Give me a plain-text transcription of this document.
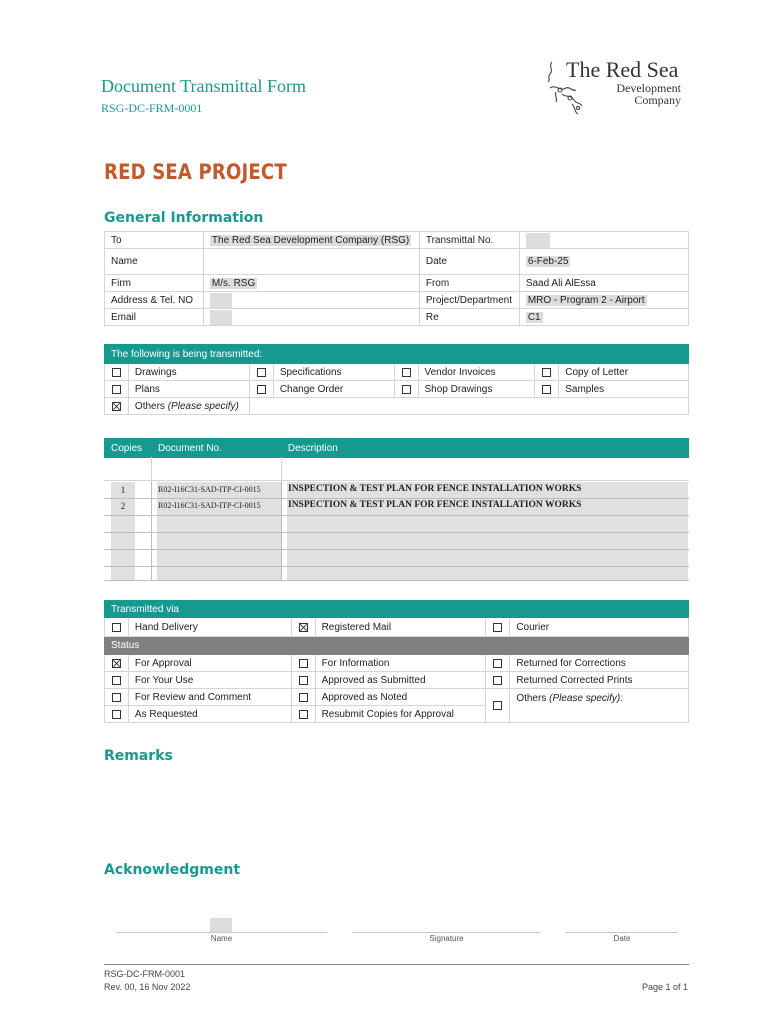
Document Transmittal Form
RSG-DC-FRM-0001
The Red Sea
Development
Company
RED SEA PROJECT
General Information
To	The Red Sea Development Company (RSG)	Transmittal No.	
Name		Date	6-Feb-25
Firm	M/s. RSG	From	Saad Ali AlEssa
Address & Tel. NO		Project/Department	MRO - Program 2 - Airport
Email		Re	C1
The following is being transmitted:							
	Drawings		Specifications		Vendor Invoices		Copy of Letter
	Plans		Change Order		Shop Drawings		Samples
	Others (Please specify)						
Copies	Document No.	Description
1	R02-I16C31-SAD-ITP-CI-0015	INSPECTION & TEST PLAN FOR FENCE INSTALLATION WORKS
2	R02-I16C31-SAD-ITP-CI-0015	INSPECTION & TEST PLAN FOR FENCE INSTALLATION WORKS
Transmitted via					
	Hand Delivery		Registered Mail		Courier
Status					
	For Approval		For Information		Returned for Corrections
	For Your Use		Approved as Submitted		Returned Corrected Prints
	For Review and Comment		Approved as Noted		Others (Please specify):
	As Requested		Resubmit Copies for Approval		
Remarks
Acknowledgment
Name	Signature	Date
RSG-DC-FRM-0001
Rev. 00, 16 Nov 2022	Page 1 of 1
